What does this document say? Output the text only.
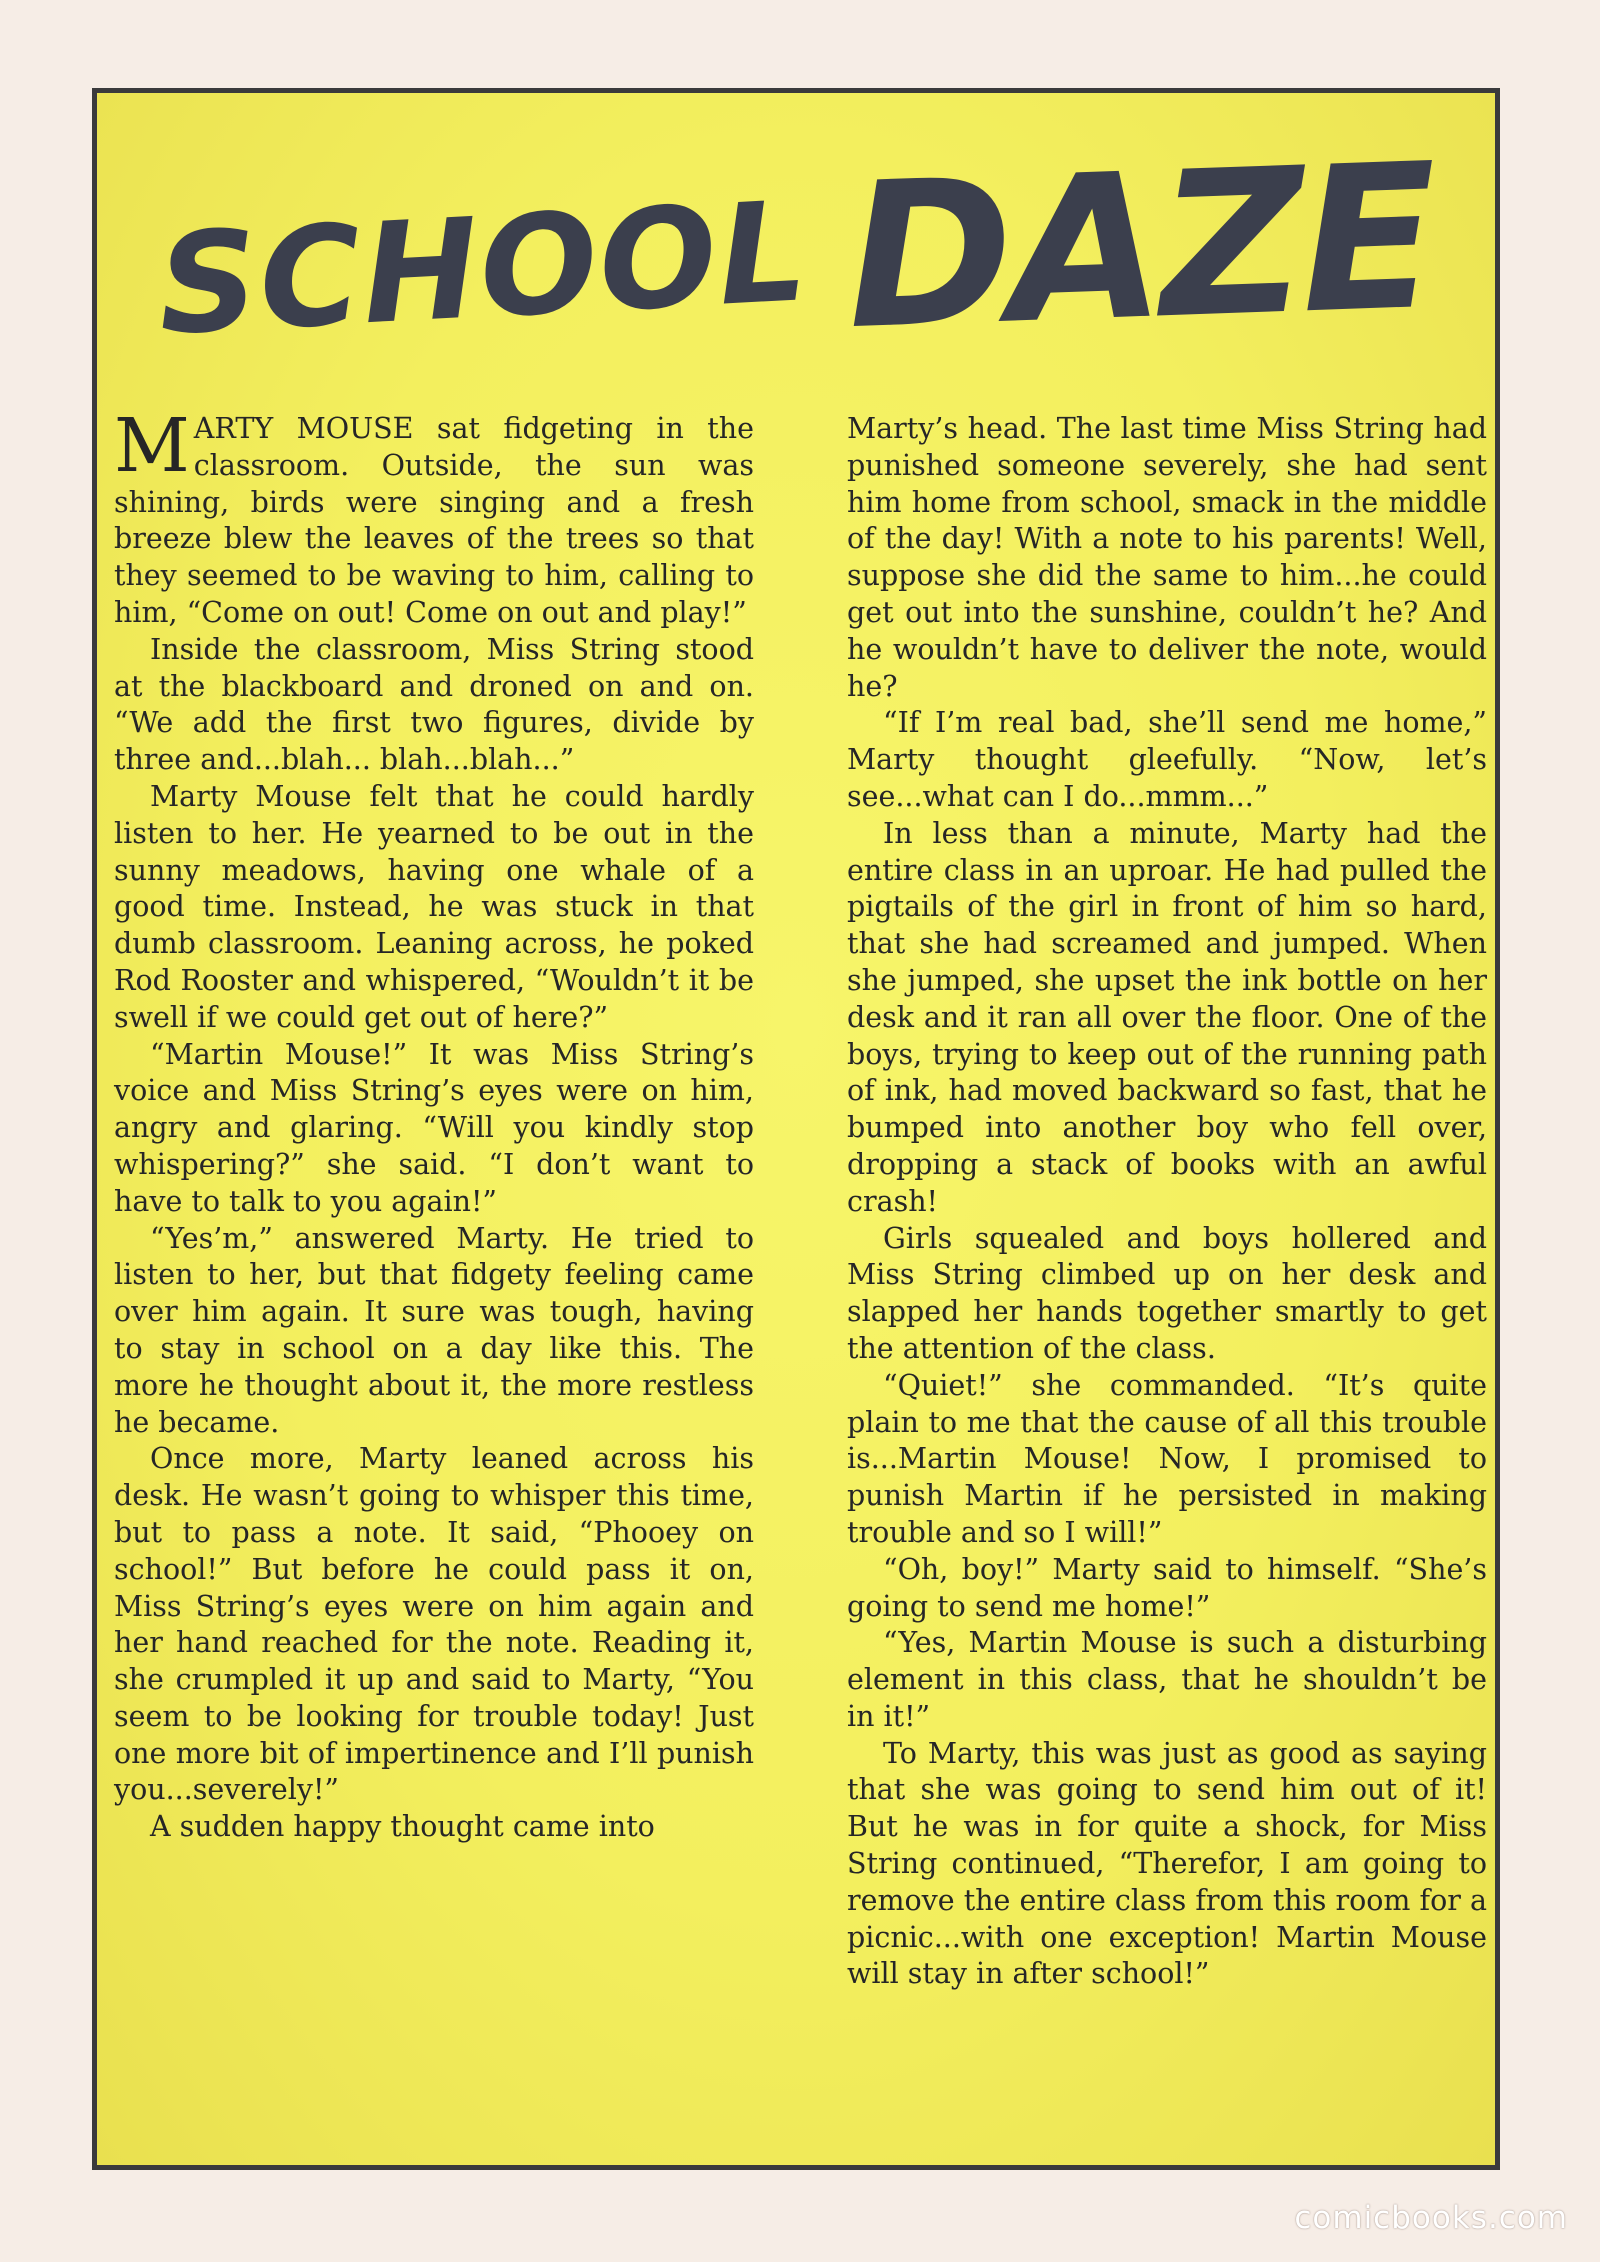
SCHOOL DAZE

MARTY MOUSE sat fidgeting in the classroom. Outside, the sun was shining, birds were singing and a fresh breeze blew the leaves of the trees so that they seemed to be waving to him, calling to him, “Come on out! Come on out and play!”

Inside the classroom, Miss String stood at the blackboard and droned on and on. “We add the first two figures, divide by three and...blah... blah...blah...”

Marty Mouse felt that he could hardly listen to her. He yearned to be out in the sunny meadows, having one whale of a good time. Instead, he was stuck in that dumb classroom. Leaning across, he poked Rod Rooster and whispered, “Wouldn’t it be swell if we could get out of here?”

“Martin Mouse!” It was Miss String’s voice and Miss String’s eyes were on him, angry and glaring. “Will you kindly stop whispering?” she said. “I don’t want to have to talk to you again!”

“Yes’m,” answered Marty. He tried to listen to her, but that fidgety feeling came over him again. It sure was tough, having to stay in school on a day like this. The more he thought about it, the more restless he became.

Once more, Marty leaned across his desk. He wasn’t going to whisper this time, but to pass a note. It said, “Phooey on school!” But before he could pass it on, Miss String’s eyes were on him again and her hand reached for the note. Reading it, she crumpled it up and said to Marty, “You seem to be looking for trouble today! Just one more bit of impertinence and I’ll punish you...severely!”

A sudden happy thought came into

Marty’s head. The last time Miss String had punished someone severely, she had sent him home from school, smack in the middle of the day! With a note to his parents! Well, suppose she did the same to him...he could get out into the sunshine, couldn’t he? And he wouldn’t have to deliver the note, would he?

“If I’m real bad, she’ll send me home,” Marty thought gleefully. “Now, let’s see...what can I do...mmm...”

In less than a minute, Marty had the entire class in an uproar. He had pulled the pigtails of the girl in front of him so hard, that she had screamed and jumped. When she jumped, she upset the ink bottle on her desk and it ran all over the floor. One of the boys, trying to keep out of the running path of ink, had moved backward so fast, that he bumped into another boy who fell over, dropping a stack of books with an awful crash!

Girls squealed and boys hollered and Miss String climbed up on her desk and slapped her hands together smartly to get the attention of the class.

“Quiet!” she commanded. “It’s quite plain to me that the cause of all this trouble is...Martin Mouse! Now, I promised to punish Martin if he persisted in making trouble and so I will!”

“Oh, boy!” Marty said to himself. “She’s going to send me home!”

“Yes, Martin Mouse is such a disturbing element in this class, that he shouldn’t be in it!”

To Marty, this was just as good as saying that she was going to send him out of it! But he was in for quite a shock, for Miss String continued, “Therefor, I am going to remove the entire class from this room for a picnic...with one exception! Martin Mouse will stay in after school!”

comicbooks.com
